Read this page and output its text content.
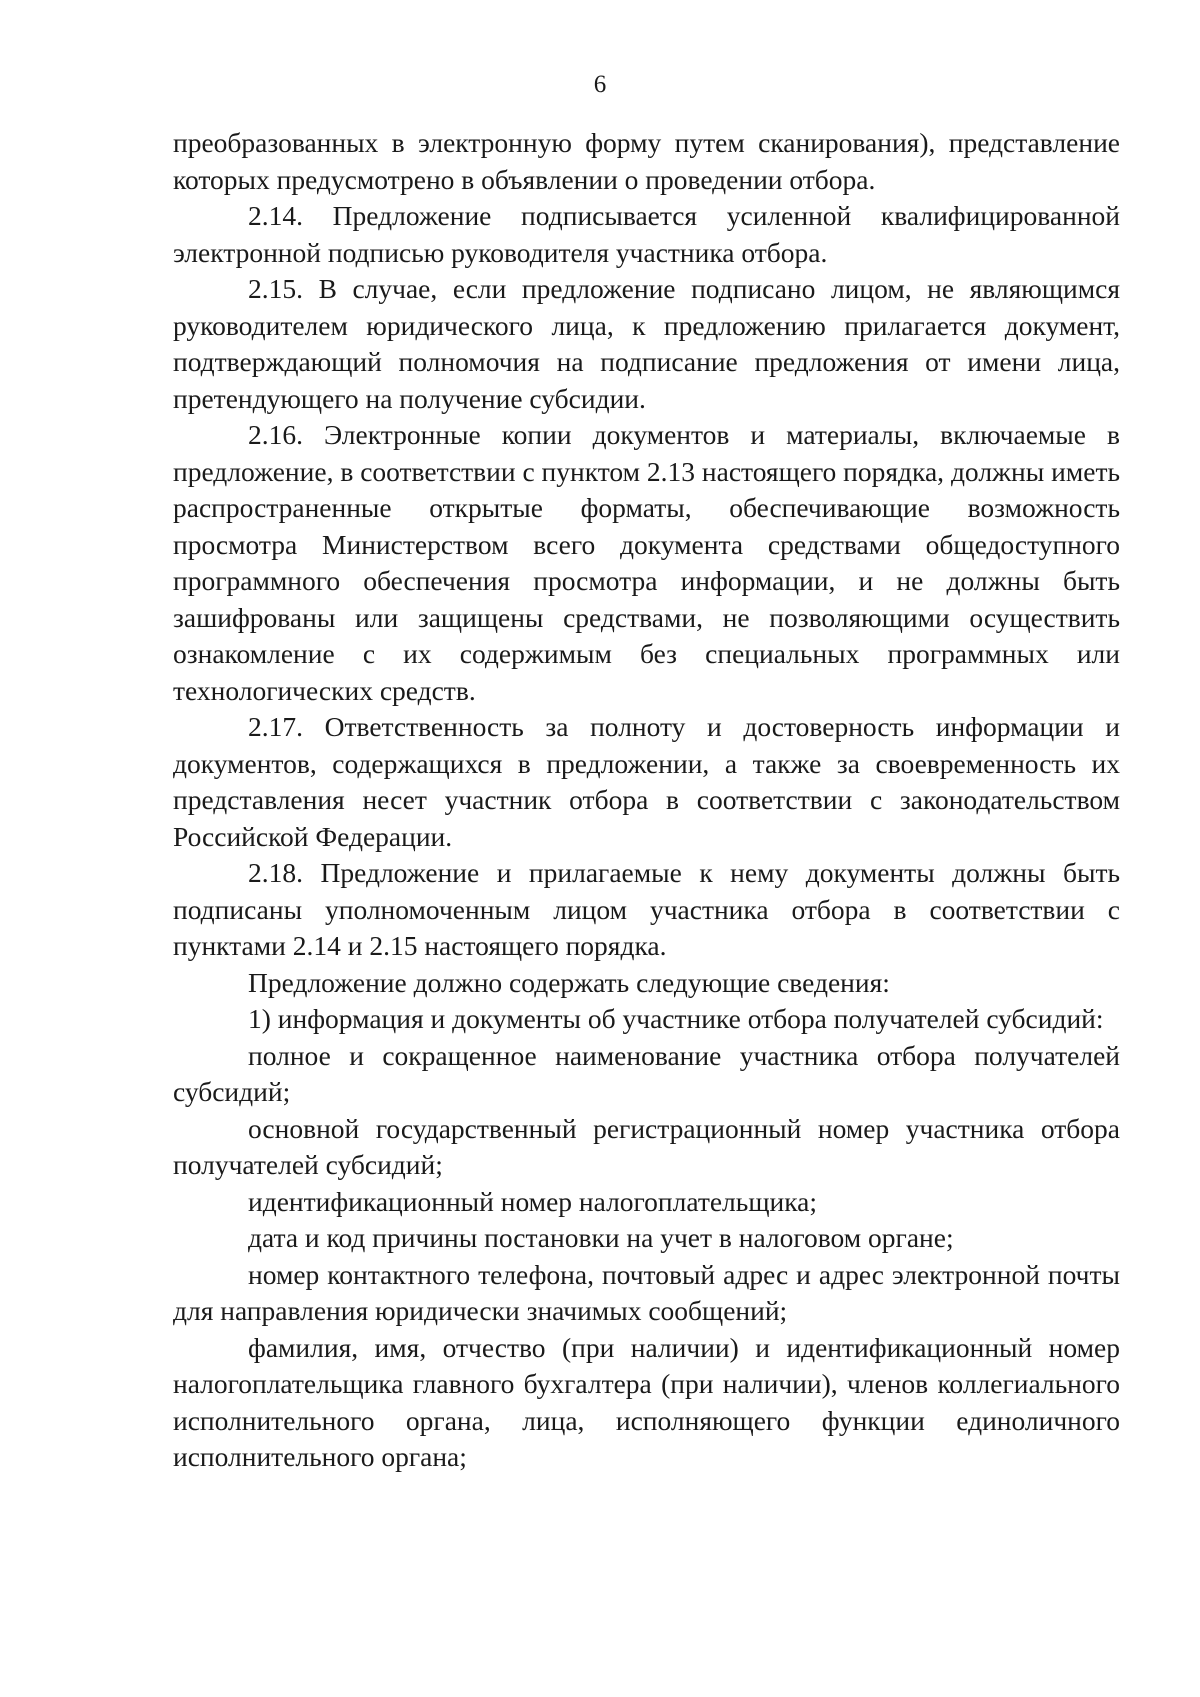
6

преобразованных в электронную форму путем сканирования), представление которых предусмотрено в объявлении о проведении отбора.

2.14. Предложение подписывается усиленной квалифицированной электронной подписью руководителя участника отбора.

2.15. В случае, если предложение подписано лицом, не являющимся руководителем юридического лица, к предложению прилагается документ, подтверждающий полномочия на подписание предложения от имени лица, претендующего на получение субсидии.

2.16. Электронные копии документов и материалы, включаемые в предложение, в соответствии с пунктом 2.13 настоящего порядка, должны иметь распространенные открытые форматы, обеспечивающие возможность просмотра Министерством всего документа средствами общедоступного программного обеспечения просмотра информации, и не должны быть зашифрованы или защищены средствами, не позволяющими осуществить ознакомление с их содержимым без специальных программных или технологических средств.

2.17. Ответственность за полноту и достоверность информации и документов, содержащихся в предложении, а также за своевременность их представления несет участник отбора в соответствии с законодательством Российской Федерации.

2.18. Предложение и прилагаемые к нему документы должны быть подписаны уполномоченным лицом участника отбора в соответствии с пунктами 2.14 и 2.15 настоящего порядка.

Предложение должно содержать следующие сведения:

1) информация и документы об участнике отбора получателей субсидий:

полное и сокращенное наименование участника отбора получателей субсидий;

основной государственный регистрационный номер участника отбора получателей субсидий;

идентификационный номер налогоплательщика;

дата и код причины постановки на учет в налоговом органе;

номер контактного телефона, почтовый адрес и адрес электронной почты для направления юридически значимых сообщений;

фамилия, имя, отчество (при наличии) и идентификационный номер налогоплательщика главного бухгалтера (при наличии), членов коллегиального исполнительного органа, лица, исполняющего функции единоличного исполнительного органа;
